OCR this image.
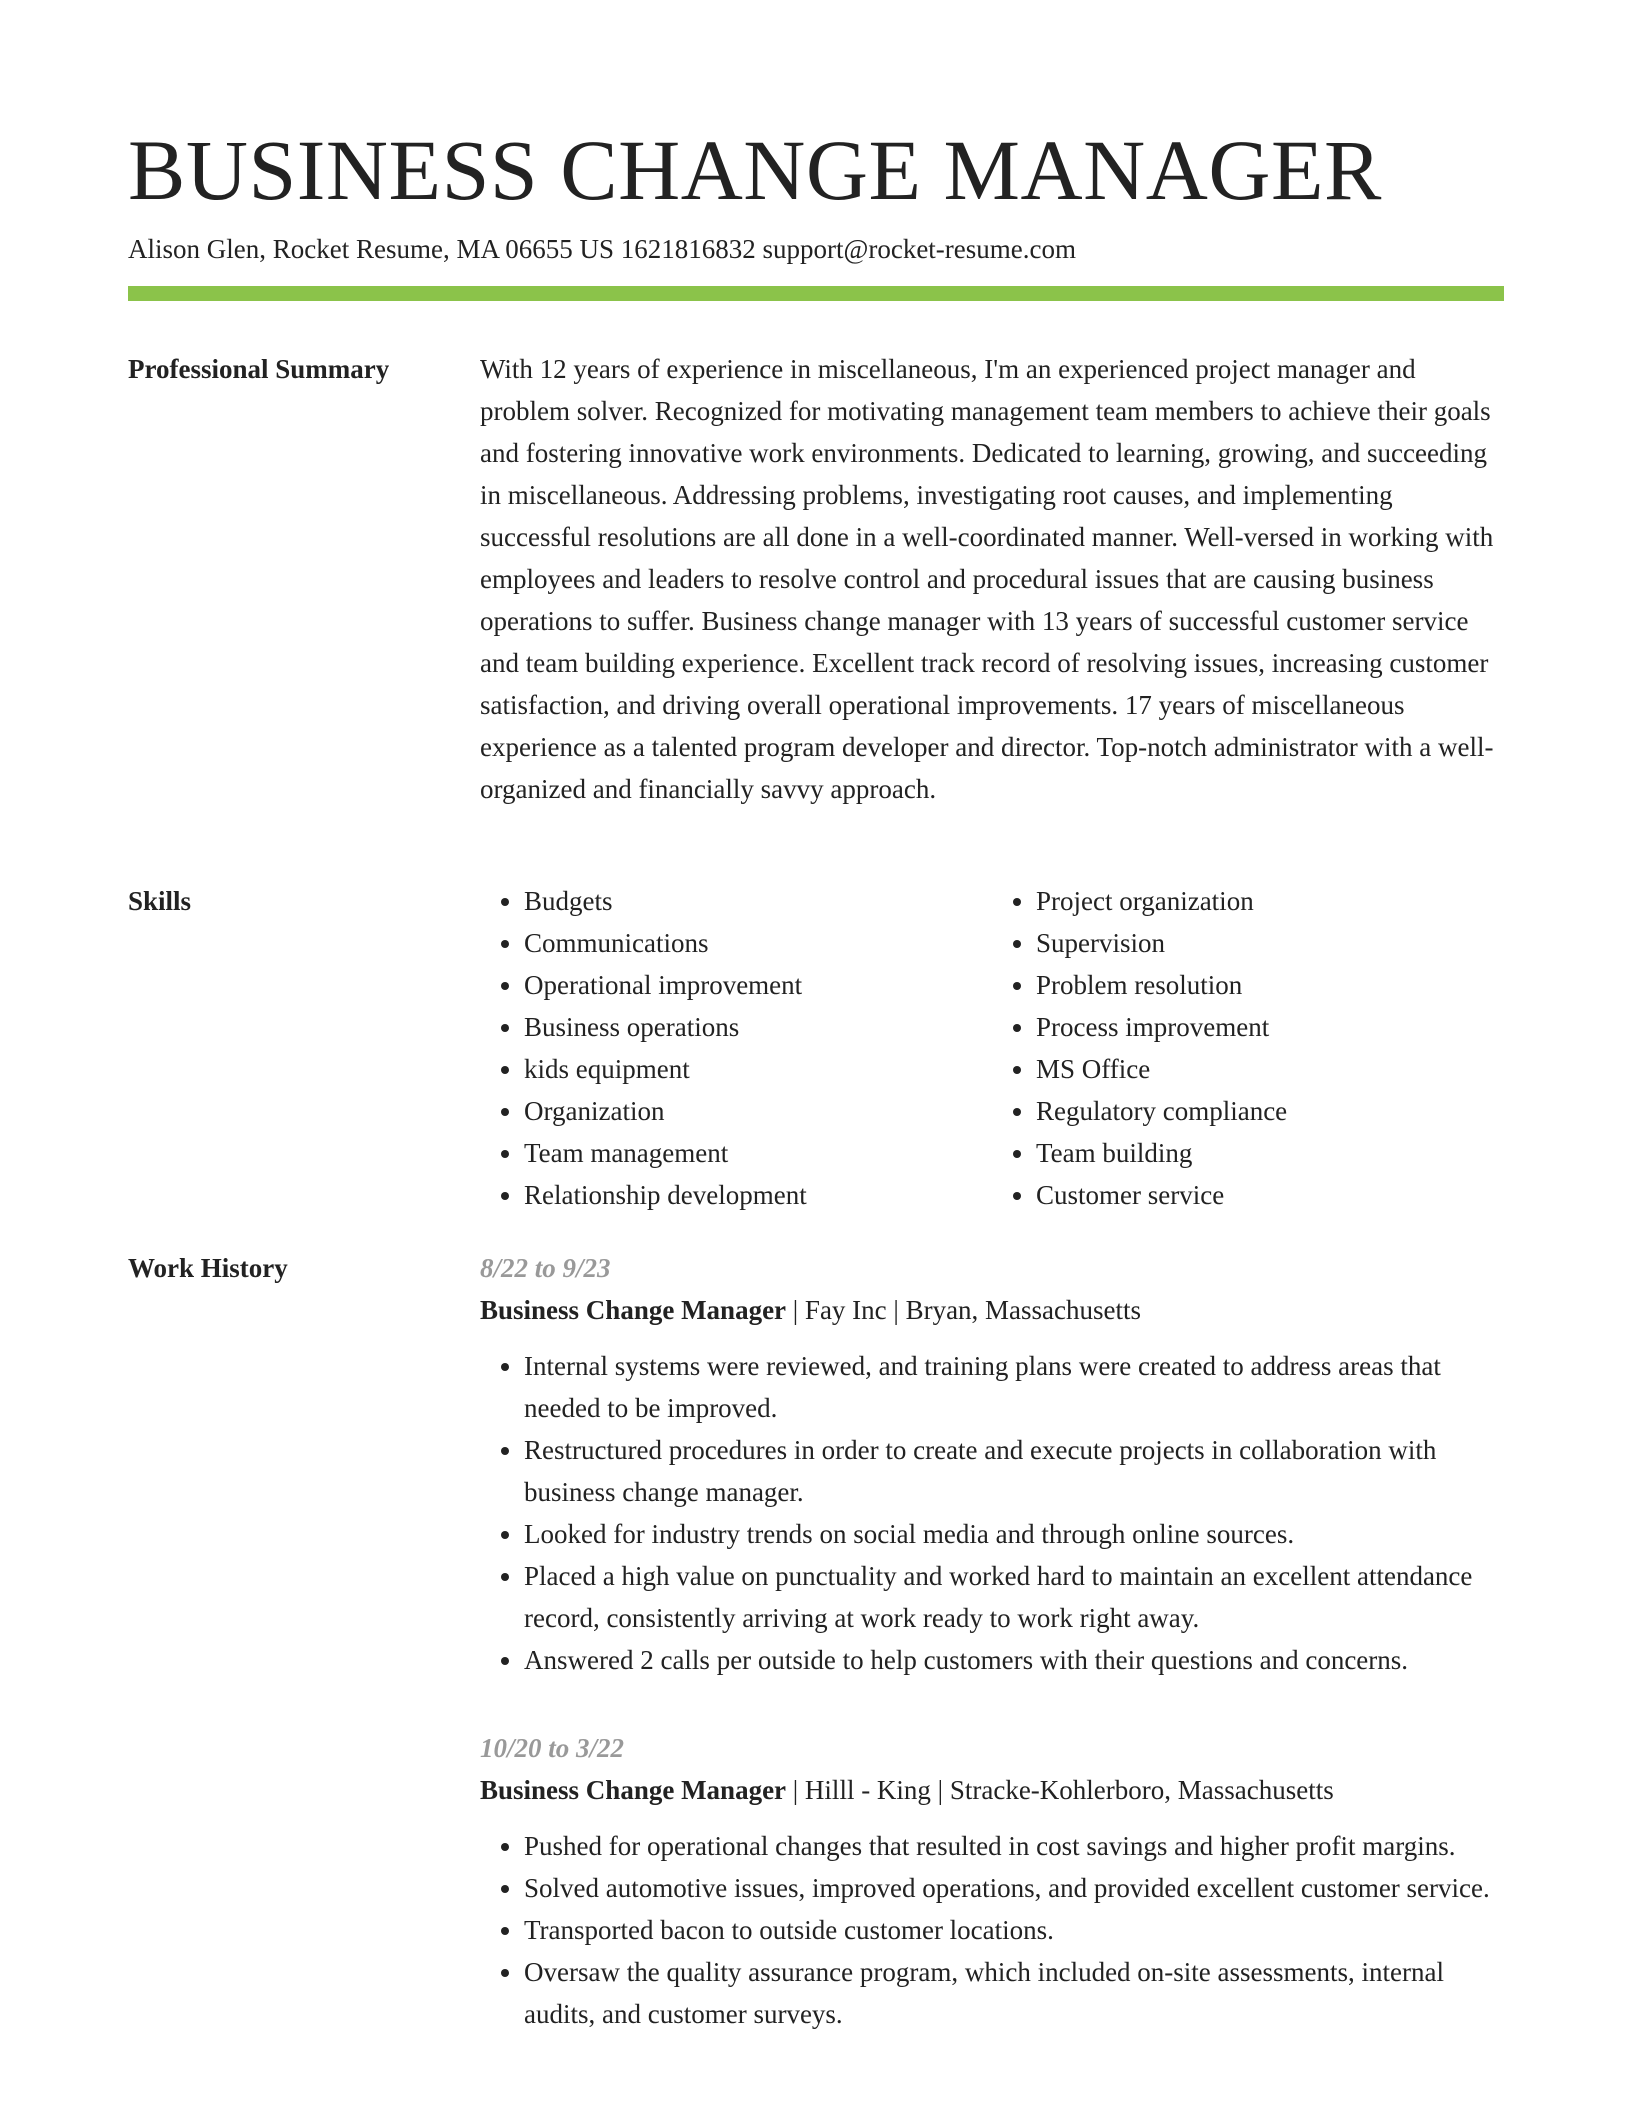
BUSINESS CHANGE MANAGER
Alison Glen, Rocket Resume, MA 06655 US 1621816832 support@rocket-resume.com
Professional Summary	With 12 years of experience in miscellaneous, I'm an experienced project manager and problem solver. Recognized for motivating management team members to achieve their goals and fostering innovative work environments. Dedicated to learning, growing, and succeeding in miscellaneous. Addressing problems, investigating root causes, and implementing successful resolutions are all done in a well-coordinated manner. Well-versed in working with employees and leaders to resolve control and procedural issues that are causing business operations to suffer. Business change manager with 13 years of successful customer service and team building experience. Excellent track record of resolving issues, increasing customer satisfaction, and driving overall operational improvements. 17 years of miscellaneous experience as a talented program developer and director. Top-notch administrator with a well-organized and financially savvy approach.

Skills
•	Budgets
• Communications
• Operational improvement
• Business operations
• kids equipment
• Organization
• Team management
• Relationship development
• Project organization
• Supervision
• Problem resolution
• Process improvement
• MS Office
• Regulatory compliance
• Team building
• Customer service
Work History	8/22 to 9/23
Business Change Manager | Fay Inc | Bryan, Massachusetts
• Internal systems were reviewed, and training plans were created to address areas that needed to be improved.
• Restructured procedures in order to create and execute projects in collaboration with business change manager.
• Looked for industry trends on social media and through online sources.
• Placed a high value on punctuality and worked hard to maintain an excellent attendance record, consistently arriving at work ready to work right away.
• Answered 2 calls per outside to help customers with their questions and concerns.
10/20 to 3/22
Business Change Manager | Hilll - King | Stracke-Kohlerboro, Massachusetts
• Pushed for operational changes that resulted in cost savings and higher profit margins.
• Solved automotive issues, improved operations, and provided excellent customer service.
• Transported bacon to outside customer locations.
• Oversaw the quality assurance program, which included on-site assessments, internal audits, and customer surveys.
